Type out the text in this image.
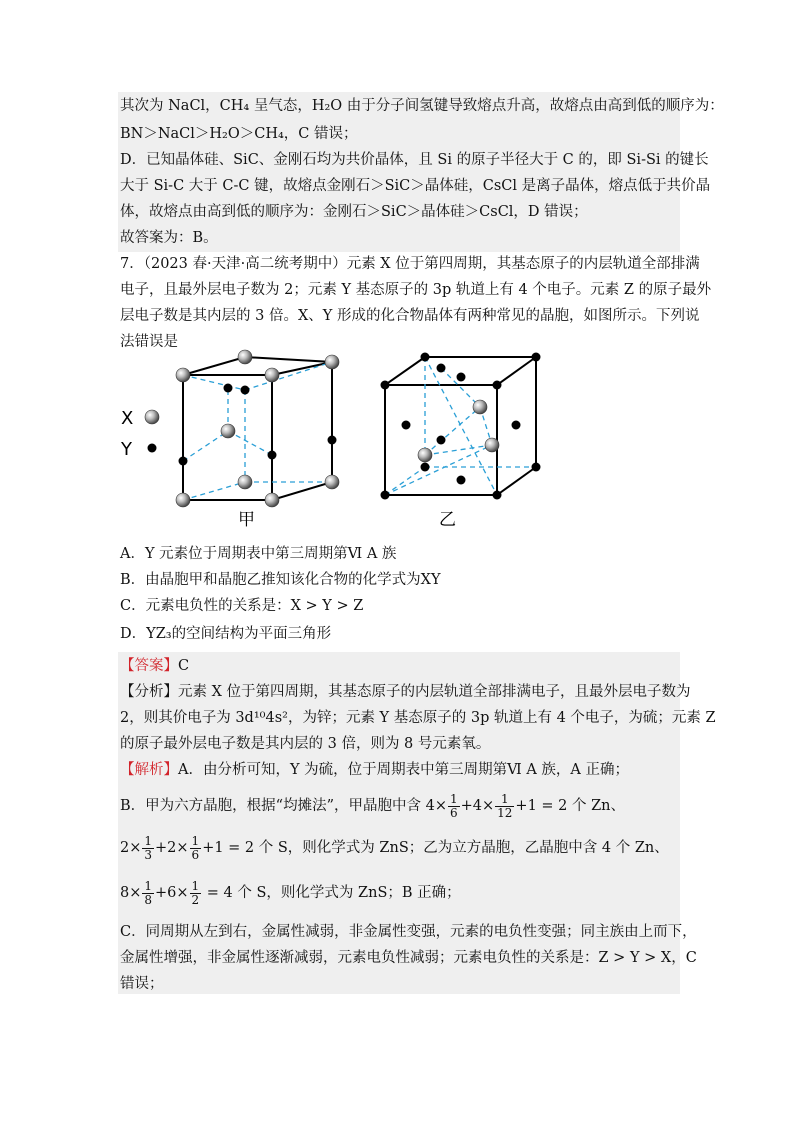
其次为 NaCl，CH₄ 呈气态，H₂O 由于分子间氢键导致熔点升高，故熔点由高到低的顺序为：
BN＞NaCl＞H₂O＞CH₄，C 错误；
D．已知晶体硅、SiC、金刚石均为共价晶体，且 Si 的原子半径大于 C 的，即 Si-Si 的键长
大于 Si-C 大于 C-C 键，故熔点金刚石＞SiC＞晶体硅，CsCl 是离子晶体，熔点低于共价晶
体，故熔点由高到低的顺序为：金刚石＞SiC＞晶体硅＞CsCl，D 错误；
故答案为：B。
7．（2023 春·天津·高二统考期中）元素 X 位于第四周期，其基态原子的内层轨道全部排满
电子，且最外层电子数为 2；元素 Y 基态原子的 3p 轨道上有 4 个电子。元素 Z 的原子最外
层电子数是其内层的 3 倍。X、Y 形成的化合物晶体有两种常见的晶胞，如图所示。下列说
法错误是
X
Y
甲	乙
A．Y 元素位于周期表中第三周期第Ⅵ A 族
B．由晶胞甲和晶胞乙推知该化合物的化学式为XY
C．元素电负性的关系是：X > Y > Z
D．YZ₃的空间结构为平面三角形
【答案】C
【分析】元素 X 位于第四周期，其基态原子的内层轨道全部排满电子，且最外层电子数为
2，则其价电子为 3d¹⁰4s²，为锌；元素 Y 基态原子的 3p 轨道上有 4 个电子，为硫；元素 Z
的原子最外层电子数是其内层的 3 倍，则为 8 号元素氧。
【解析】A．由分析可知，Y 为硫，位于周期表中第三周期第Ⅵ A 族，A 正确；
B．甲为六方晶胞，根据“均摊法”，甲晶胞中含 $4\times \frac{1}{6} +4\times \frac{1}{12} +1 = 2$ 个 Zn、
$2\times \frac{1}{3} +2\times \frac{1}{6} +1 = 2$ 个 S，则化学式为 ZnS；乙为立方晶胞，乙晶胞中含 4 个 Zn、
$8\times \frac{1}{8} +6\times \frac{1}{2} = 4$ 个 S，则化学式为 ZnS；B 正确；
C．同周期从左到右，金属性减弱，非金属性变强，元素的电负性变强；同主族由上而下，
金属性增强，非金属性逐渐减弱，元素电负性减弱；元素电负性的关系是：Z > Y > X，C
错误；
